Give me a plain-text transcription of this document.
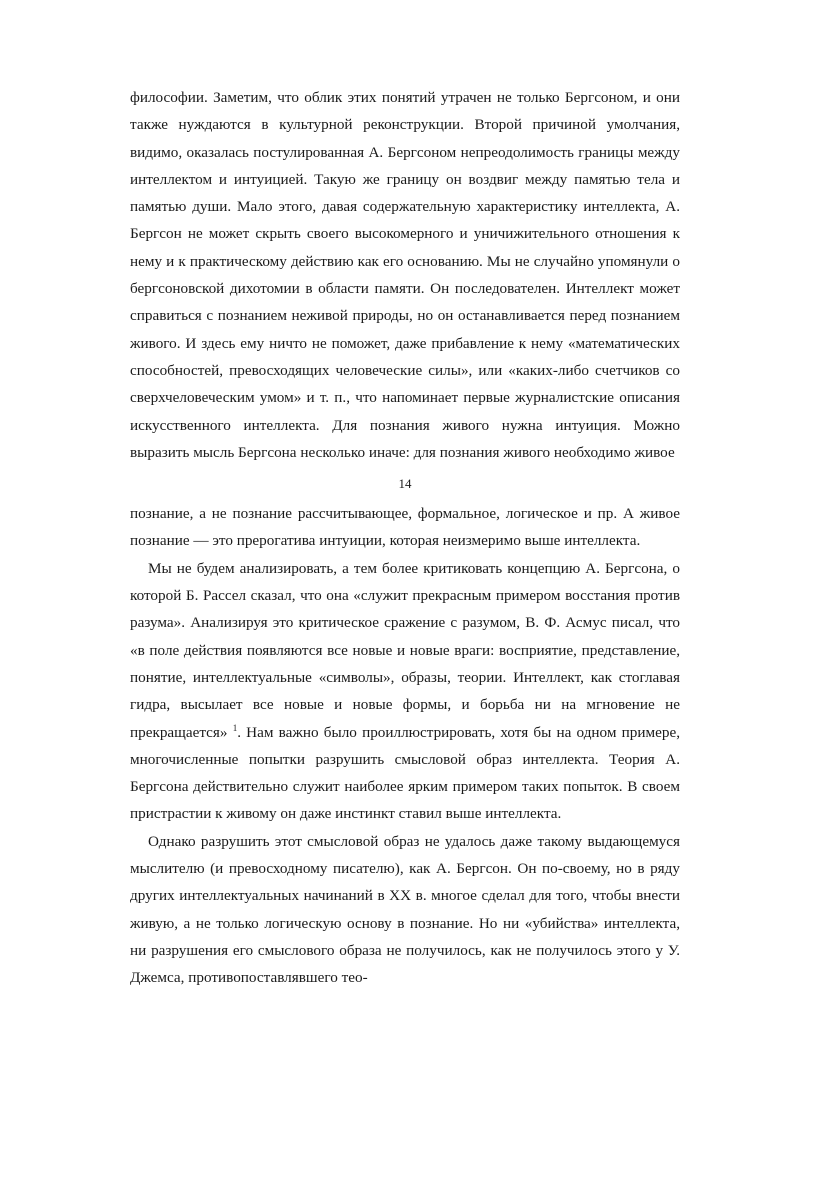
философии. Заметим, что облик этих понятий утрачен не только Бергсоном, и они также нуждаются в культурной реконструкции. Второй причиной умолчания, видимо, оказалась постулированная А. Бергсоном непреодолимость границы между интеллектом и интуицией. Такую же границу он воздвиг между памятью тела и памятью души. Мало этого, давая содержательную характеристику интеллекта, А. Бергсон не может скрыть своего высокомерного и уничижительного отношения к нему и к практическому действию как его основанию. Мы не случайно упомянули о бергсоновской дихотомии в области памяти. Он последователен. Интеллект может справиться с познанием неживой природы, но он останавливается перед познанием живого. И здесь ему ничто не поможет, даже прибавление к нему «математических способностей, превосходящих человеческие силы», или «каких-либо счетчиков со сверхчеловеческим умом» и т. п., что напоминает первые журналистские описания искусственного интеллекта. Для познания живого нужна интуиция. Можно выразить мысль Бергсона несколько иначе: для познания живого необходимо живое

14

познание, а не познание рассчитывающее, формальное, логическое и пр. А живое познание — это прерогатива интуиции, которая неизмеримо выше интеллекта.

Мы не будем анализировать, а тем более критиковать концепцию А. Бергсона, о которой Б. Рассел сказал, что она «служит прекрасным примером восстания против разума». Анализируя это критическое сражение с разумом, В. Ф. Асмус писал, что «в поле действия появляются все новые и новые враги: восприятие, представление, понятие, интеллектуальные «символы», образы, теории. Интеллект, как стоглавая гидра, высылает все новые и новые формы, и борьба ни на мгновение не прекращается» $^1$. Нам важно было проиллюстрировать, хотя бы на одном примере, многочисленные попытки разрушить смысловой образ интеллекта. Теория А. Бергсона действительно служит наиболее ярким примером таких попыток. В своем пристрастии к живому он даже инстинкт ставил выше интеллекта.

Однако разрушить этот смысловой образ не удалось даже такому выдающемуся мыслителю (и превосходному писателю), как А. Бергсон. Он по-своему, но в ряду других интеллектуальных начинаний в XX в. многое сделал для того, чтобы внести живую, а не только логическую основу в познание. Но ни «убийства» интеллекта, ни разрушения его смыслового образа не получилось, как не получилось этого у У. Джемса, противопоставлявшего тео-
